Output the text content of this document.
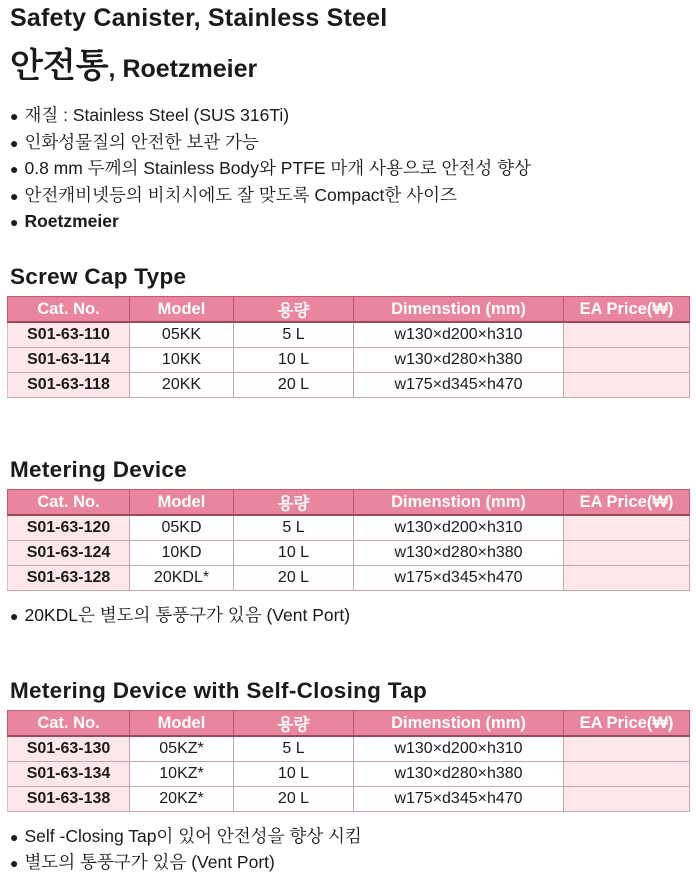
Safety Canister, Stainless Steel
안전통, Roetzmeier
● 재질 : Stainless Steel (SUS 316Ti)
● 인화성물질의 안전한 보관 가능
● 0.8 mm 두께의 Stainless Body와 PTFE 마개 사용으로 안전성 향상
● 안전캐비넷등의 비치시에도 잘 맞도록 Compact한 사이즈
● Roetzmeier
Screw Cap Type
Cat. No.	Model	용량	Dimenstion (mm)	EA Price(₩)
S01-63-110	05KK	5 L	w130×d200×h310	
S01-63-114	10KK	10 L	w130×d280×h380	
S01-63-118	20KK	20 L	w175×d345×h470	
Metering Device
Cat. No.	Model	용량	Dimenstion (mm)	EA Price(₩)
S01-63-120	05KD	5 L	w130×d200×h310	
S01-63-124	10KD	10 L	w130×d280×h380	
S01-63-128	20KDL*	20 L	w175×d345×h470	
● 20KDL은 별도의 통풍구가 있음 (Vent Port)
Metering Device with Self-Closing Tap
Cat. No.	Model	용량	Dimenstion (mm)	EA Price(₩)
S01-63-130	05KZ*	5 L	w130×d200×h310	
S01-63-134	10KZ*	10 L	w130×d280×h380	
S01-63-138	20KZ*	20 L	w175×d345×h470	
● Self -Closing Tap이 있어 안전성을 향상 시킴
● 별도의 통풍구가 있음 (Vent Port)
